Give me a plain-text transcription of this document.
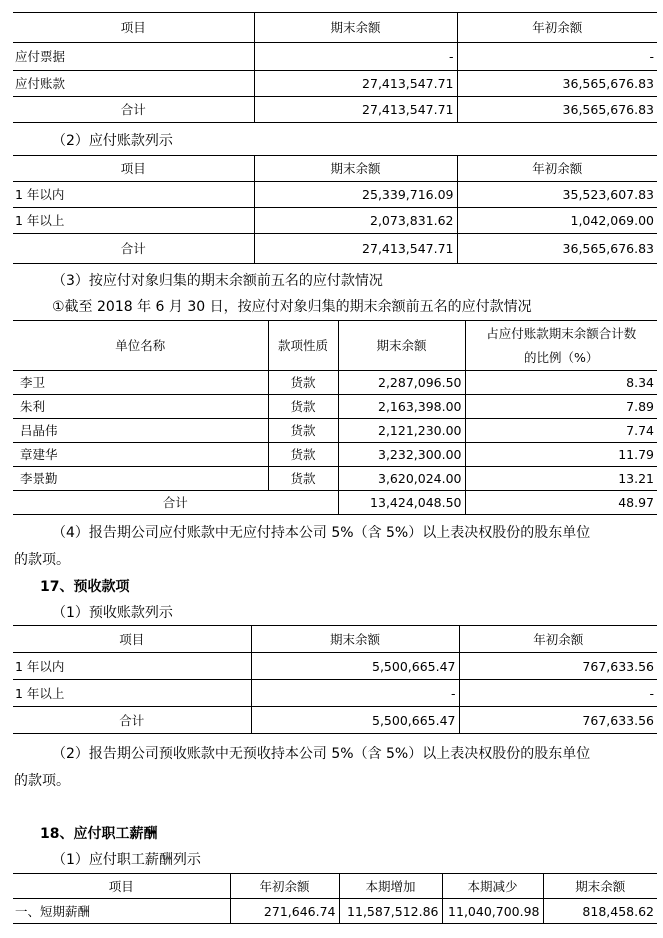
项目	期末余额	年初余额
应付票据	-	-
应付账款	27,413,547.71	36,565,676.83
合计	27,413,547.71	36,565,676.83
（2）应付账款列示
项目	期末余额	年初余额
1 年以内	25,339,716.09	35,523,607.83
1 年以上	2,073,831.62	1,042,069.00
合计	27,413,547.71	36,565,676.83
（3）按应付对象归集的期末余额前五名的应付款情况
①截至 2018 年 6 月 30 日，按应付对象归集的期末余额前五名的应付款情况
单位名称	款项性质	期末余额	占应付账款期末余额合计数
的比例（%）

李卫	货款	2,287,096.50	8.34
朱利	货款	2,163,398.00	7.89
吕晶伟	货款	2,121,230.00	7.74
章建华	货款	3,232,300.00	11.79
李景勤	货款	3,620,024.00	13.21
合计		13,424,048.50	48.97
（4）报告期公司应付账款中无应付持本公司 5%（含 5%）以上表决权股份的股东单位
的款项。
17、预收款项
（1）预收账款列示
项目	期末余额	年初余额
1 年以内	5,500,665.47	767,633.56
1 年以上	-	-
合计	5,500,665.47	767,633.56
（2）报告期公司预收账款中无预收持本公司 5%（含 5%）以上表决权股份的股东单位
的款项。
18、应付职工薪酬
（1）应付职工薪酬列示
项目	年初余额	本期增加	本期减少	期末余额
一、短期薪酬	271,646.74	11,587,512.86	11,040,700.98	818,458.62
